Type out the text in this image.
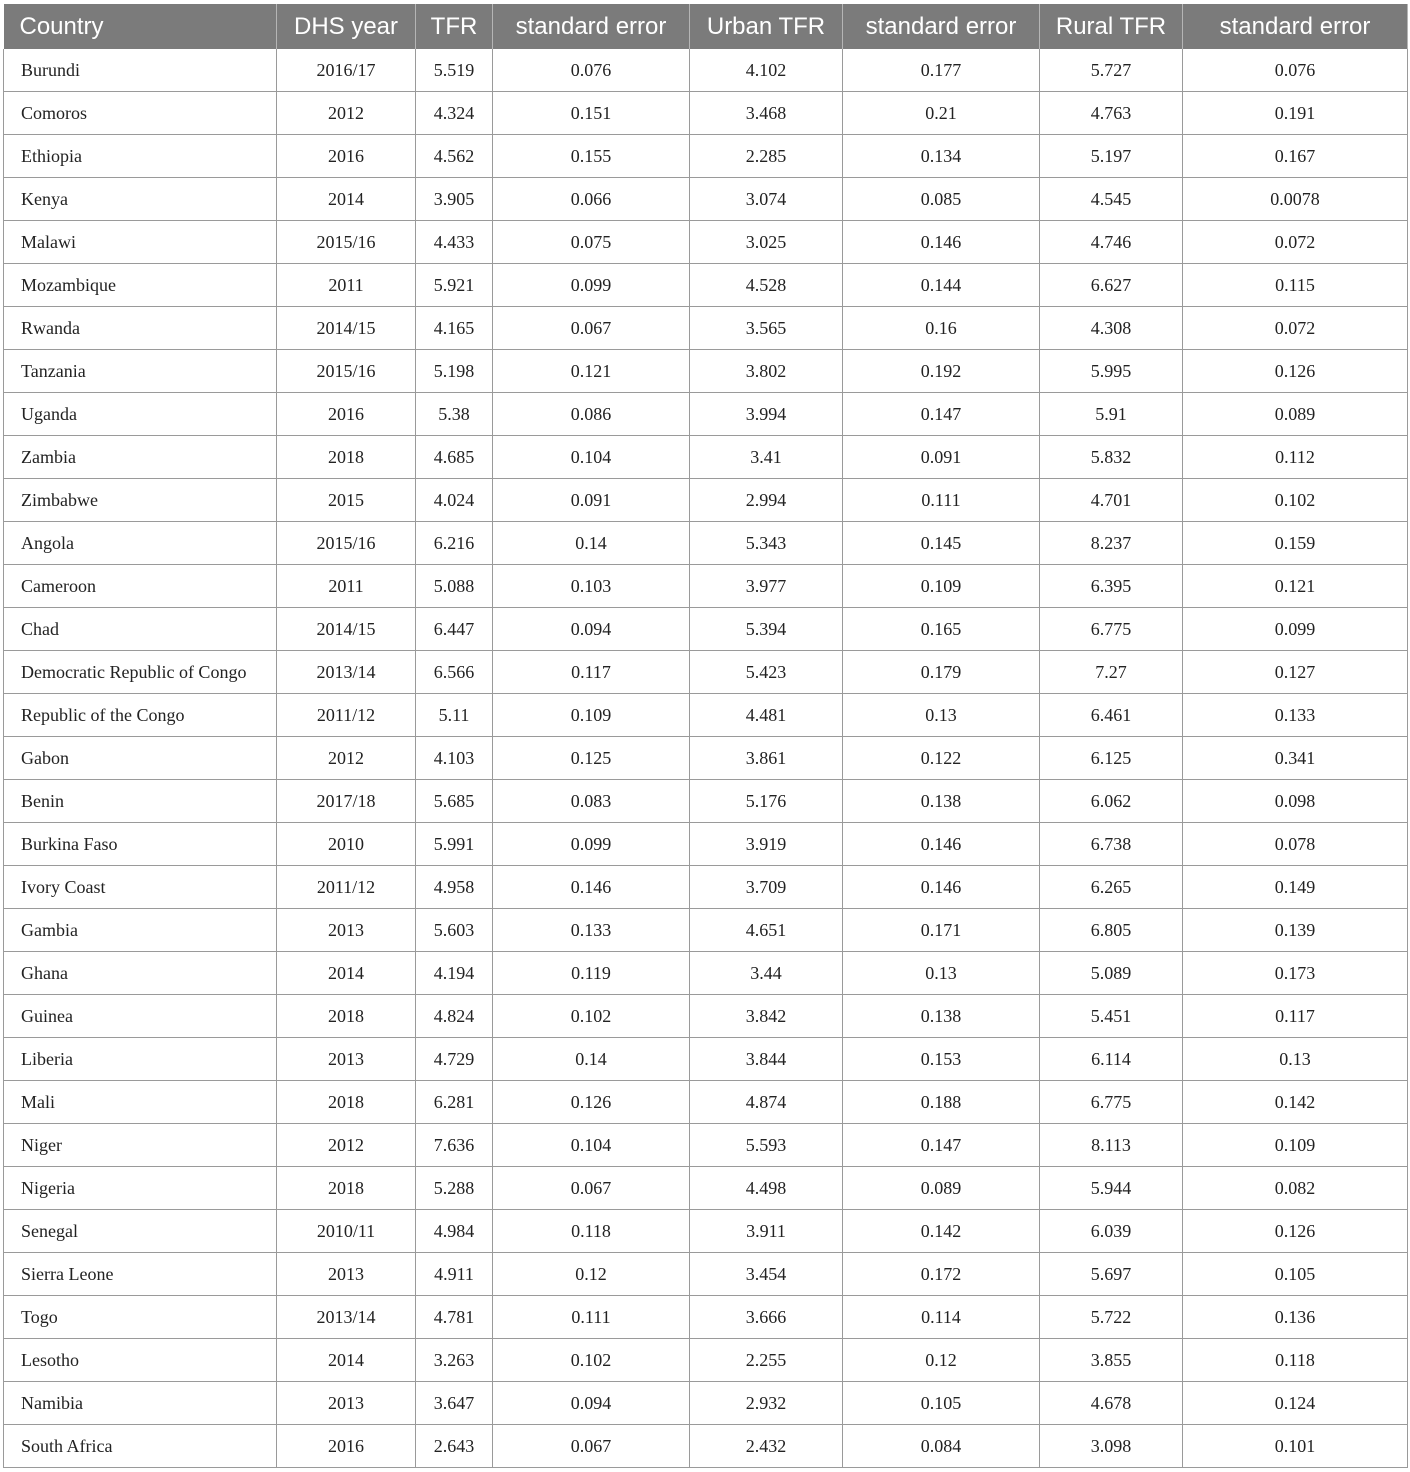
Country	DHS year	TFR	standard error	Urban TFR	standard error	Rural TFR	standard error
Burundi	2016/17	5.519	0.076	4.102	0.177	5.727	0.076
Comoros	2012	4.324	0.151	3.468	0.21	4.763	0.191
Ethiopia	2016	4.562	0.155	2.285	0.134	5.197	0.167
Kenya	2014	3.905	0.066	3.074	0.085	4.545	0.0078
Malawi	2015/16	4.433	0.075	3.025	0.146	4.746	0.072
Mozambique	2011	5.921	0.099	4.528	0.144	6.627	0.115
Rwanda	2014/15	4.165	0.067	3.565	0.16	4.308	0.072
Tanzania	2015/16	5.198	0.121	3.802	0.192	5.995	0.126
Uganda	2016	5.38	0.086	3.994	0.147	5.91	0.089
Zambia	2018	4.685	0.104	3.41	0.091	5.832	0.112
Zimbabwe	2015	4.024	0.091	2.994	0.111	4.701	0.102
Angola	2015/16	6.216	0.14	5.343	0.145	8.237	0.159
Cameroon	2011	5.088	0.103	3.977	0.109	6.395	0.121
Chad	2014/15	6.447	0.094	5.394	0.165	6.775	0.099
Democratic Republic of Congo	2013/14	6.566	0.117	5.423	0.179	7.27	0.127
Republic of the Congo	2011/12	5.11	0.109	4.481	0.13	6.461	0.133
Gabon	2012	4.103	0.125	3.861	0.122	6.125	0.341
Benin	2017/18	5.685	0.083	5.176	0.138	6.062	0.098
Burkina Faso	2010	5.991	0.099	3.919	0.146	6.738	0.078
Ivory Coast	2011/12	4.958	0.146	3.709	0.146	6.265	0.149
Gambia	2013	5.603	0.133	4.651	0.171	6.805	0.139
Ghana	2014	4.194	0.119	3.44	0.13	5.089	0.173
Guinea	2018	4.824	0.102	3.842	0.138	5.451	0.117
Liberia	2013	4.729	0.14	3.844	0.153	6.114	0.13
Mali	2018	6.281	0.126	4.874	0.188	6.775	0.142
Niger	2012	7.636	0.104	5.593	0.147	8.113	0.109
Nigeria	2018	5.288	0.067	4.498	0.089	5.944	0.082
Senegal	2010/11	4.984	0.118	3.911	0.142	6.039	0.126
Sierra Leone	2013	4.911	0.12	3.454	0.172	5.697	0.105
Togo	2013/14	4.781	0.111	3.666	0.114	5.722	0.136
Lesotho	2014	3.263	0.102	2.255	0.12	3.855	0.118
Namibia	2013	3.647	0.094	2.932	0.105	4.678	0.124
South Africa	2016	2.643	0.067	2.432	0.084	3.098	0.101
